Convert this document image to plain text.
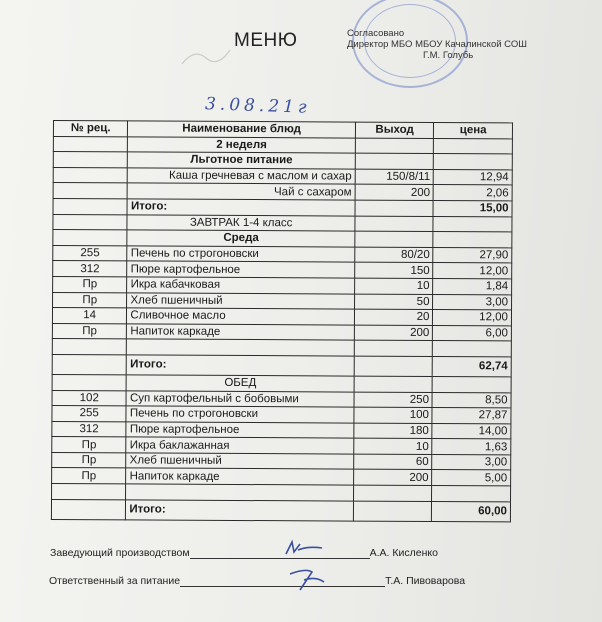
МЕНЮ	Согласовано
Директор МБО МБОУ Качалинской СОШ
Г.М. Голубь
3.08.21г
№ рец.	Наименование блюд	Выход	цена
	2 неделя		
	Льготное питание		
	Каша гречневая с маслом и сахар	150/8/11	12,94
	Чай с сахаром	200	2,06
	Итого:		15,00
	ЗАВТРАК 1-4 класс		
	Среда		
255	Печень по строгоновски	80/20	27,90
312	Пюре картофельное	150	12,00
Пр	Икра кабачковая	10	1,84
Пр	Хлеб пшеничный	50	3,00
14	Сливочное масло	20	12,00
Пр	Напиток каркаде	200	6,00

	Итого:		62,74
	ОБЕД		
102	Суп картофельный с бобовыми	250	8,50
255	Печень по строгоновски	100	27,87
312	Пюре картофельное	180	14,00
Пр	Икра баклажанная	10	1,63
Пр	Хлеб пшеничный	60	3,00
Пр	Напиток каркаде	200	5,00

	Итого:		60,00
Заведующий производством	А.А. Кисленко
Ответственный за питание	Т.А. Пивоварова
